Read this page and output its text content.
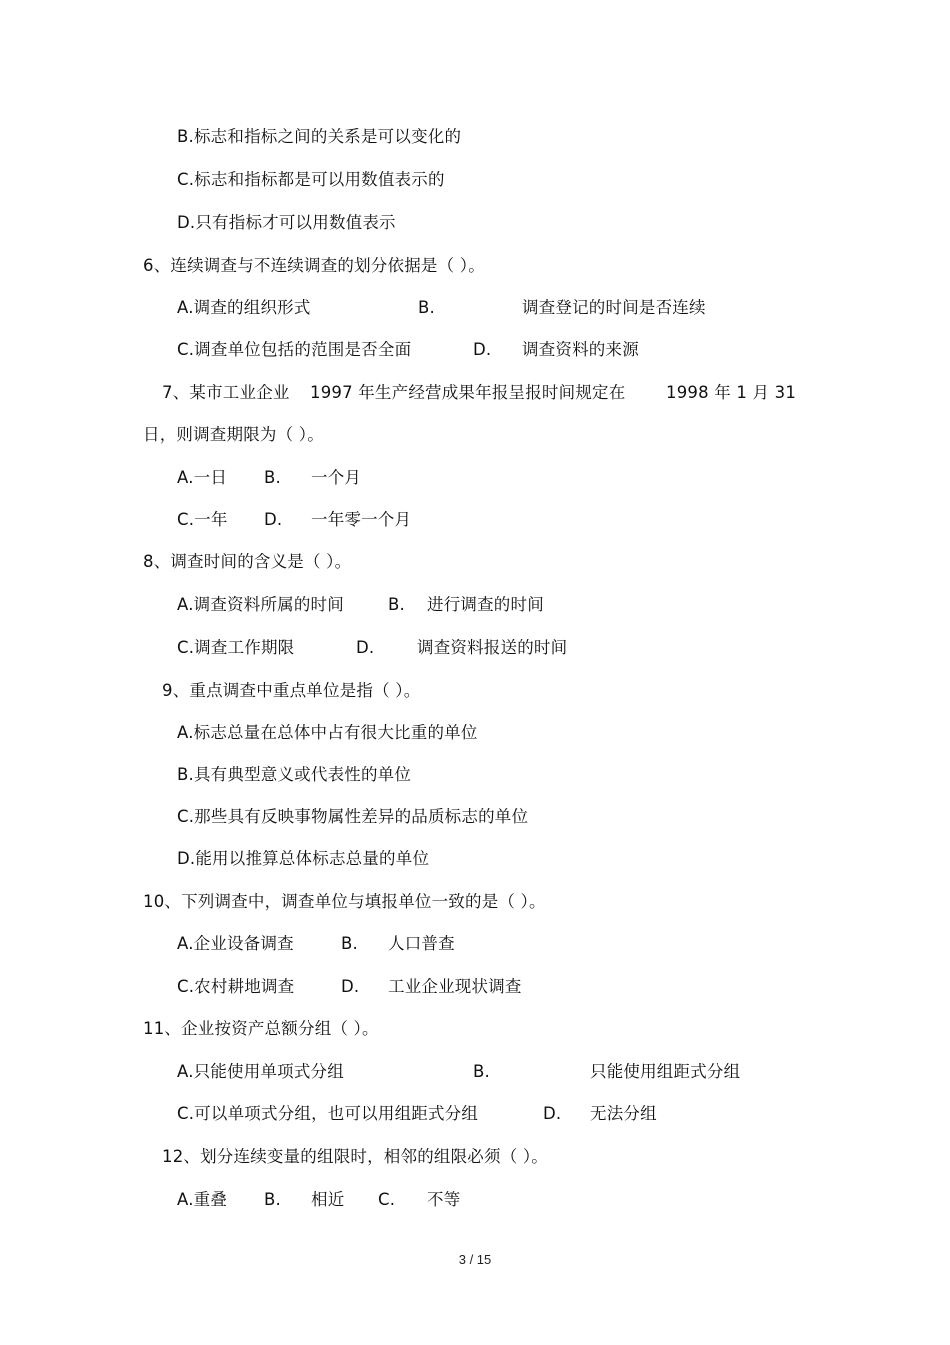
B.标志和指标之间的关系是可以变化的
C.标志和指标都是可以用数值表示的
D.只有指标才可以用数值表示
6、连续调查与不连续调查的划分依据是（ ）。
A.调查的组织形式	B.	调查登记的时间是否连续
C.调查单位包括的范围是否全面	D. 调查资料的来源
7、某市工业企业 1997 年生产经营成果年报呈报时间规定在 1998 年 1 月 31
日，则调查期限为（ ）。
A.一日 B. 一个月
C.一年 D. 一年零一个月
8、调查时间的含义是（ ）。
A.调查资料所属的时间	B. 进行调查的时间
C.调查工作期限	D.	调查资料报送的时间
9、重点调查中重点单位是指（ ）。
A.标志总量在总体中占有很大比重的单位
B.具有典型意义或代表性的单位
C.那些具有反映事物属性差异的品质标志的单位
D.能用以推算总体标志总量的单位
10、下列调查中，调查单位与填报单位一致的是（ ）。
A.企业设备调查	B. 人口普查
C.农村耕地调查	D. 工业企业现状调查
11、企业按资产总额分组（ ）。
A.只能使用单项式分组	B.	只能使用组距式分组
C.可以单项式分组，也可以用组距式分组	D. 无法分组
12、划分连续变量的组限时，相邻的组限必须（ ）。
A.重叠 B. 相近 C. 不等
3 / 15
